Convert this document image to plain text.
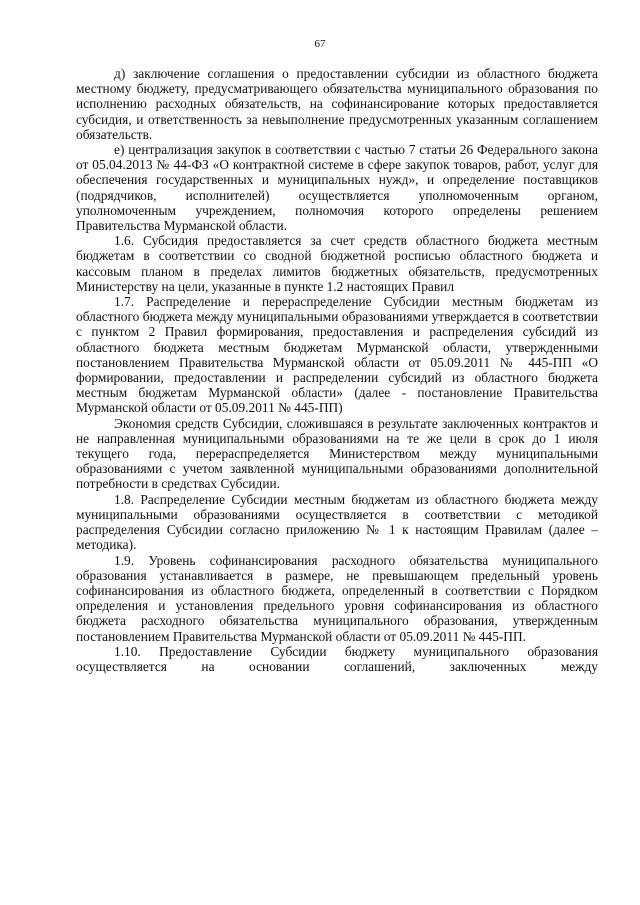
67

д) заключение соглашения о предоставлении субсидии из областного бюджета местному бюджету, предусматривающего обязательства муниципального образования по исполнению расходных обязательств, на софинансирование которых предоставляется субсидия, и ответственность за невыполнение предусмотренных указанным соглашением обязательств.

е) централизация закупок в соответствии с частью 7 статьи 26 Федерального закона от 05.04.2013 № 44-ФЗ «О контрактной системе в сфере закупок товаров, работ, услуг для обеспечения государственных и муниципальных нужд», и определение поставщиков (подрядчиков, исполнителей) осуществляется уполномоченным органом, уполномоченным учреждением, полномочия которого определены решением Правительства Мурманской области.

1.6. Субсидия предоставляется за счет средств областного бюджета местным бюджетам в соответствии со сводной бюджетной росписью областного бюджета и кассовым планом в пределах лимитов бюджетных обязательств, предусмотренных Министерству на цели, указанные в пункте 1.2 настоящих Правил

1.7. Распределение и перераспределение Субсидии местным бюджетам из областного бюджета между муниципальными образованиями утверждается в соответствии с пунктом 2 Правил формирования, предоставления и распределения субсидий из областного бюджета местным бюджетам Мурманской области, утвержденными постановлением Правительства Мурманской области от 05.09.2011 № 445-ПП «О формировании, предоставлении и распределении субсидий из областного бюджета местным бюджетам Мурманской области» (далее - постановление Правительства Мурманской области от 05.09.2011 № 445-ПП)

Экономия средств Субсидии, сложившаяся в результате заключенных контрактов и не направленная муниципальными образованиями на те же цели в срок до 1 июля текущего года, перераспределяется Министерством между муниципальными образованиями с учетом заявленной муниципальными образованиями дополнительной потребности в средствах Субсидии.

1.8. Распределение Субсидии местным бюджетам из областного бюджета между муниципальными образованиями осуществляется в соответствии с методикой распределения Субсидии согласно приложению № 1 к настоящим Правилам (далее – методика).

1.9. Уровень софинансирования расходного обязательства муниципального образования устанавливается в размере, не превышающем предельный уровень софинансирования из областного бюджета, определенный в соответствии с Порядком определения и установления предельного уровня софинансирования из областного бюджета расходного обязательства муниципального образования, утвержденным постановлением Правительства Мурманской области от 05.09.2011 № 445-ПП.

1.10. Предоставление Субсидии бюджету муниципального образования осуществляется на основании соглашений, заключенных между
